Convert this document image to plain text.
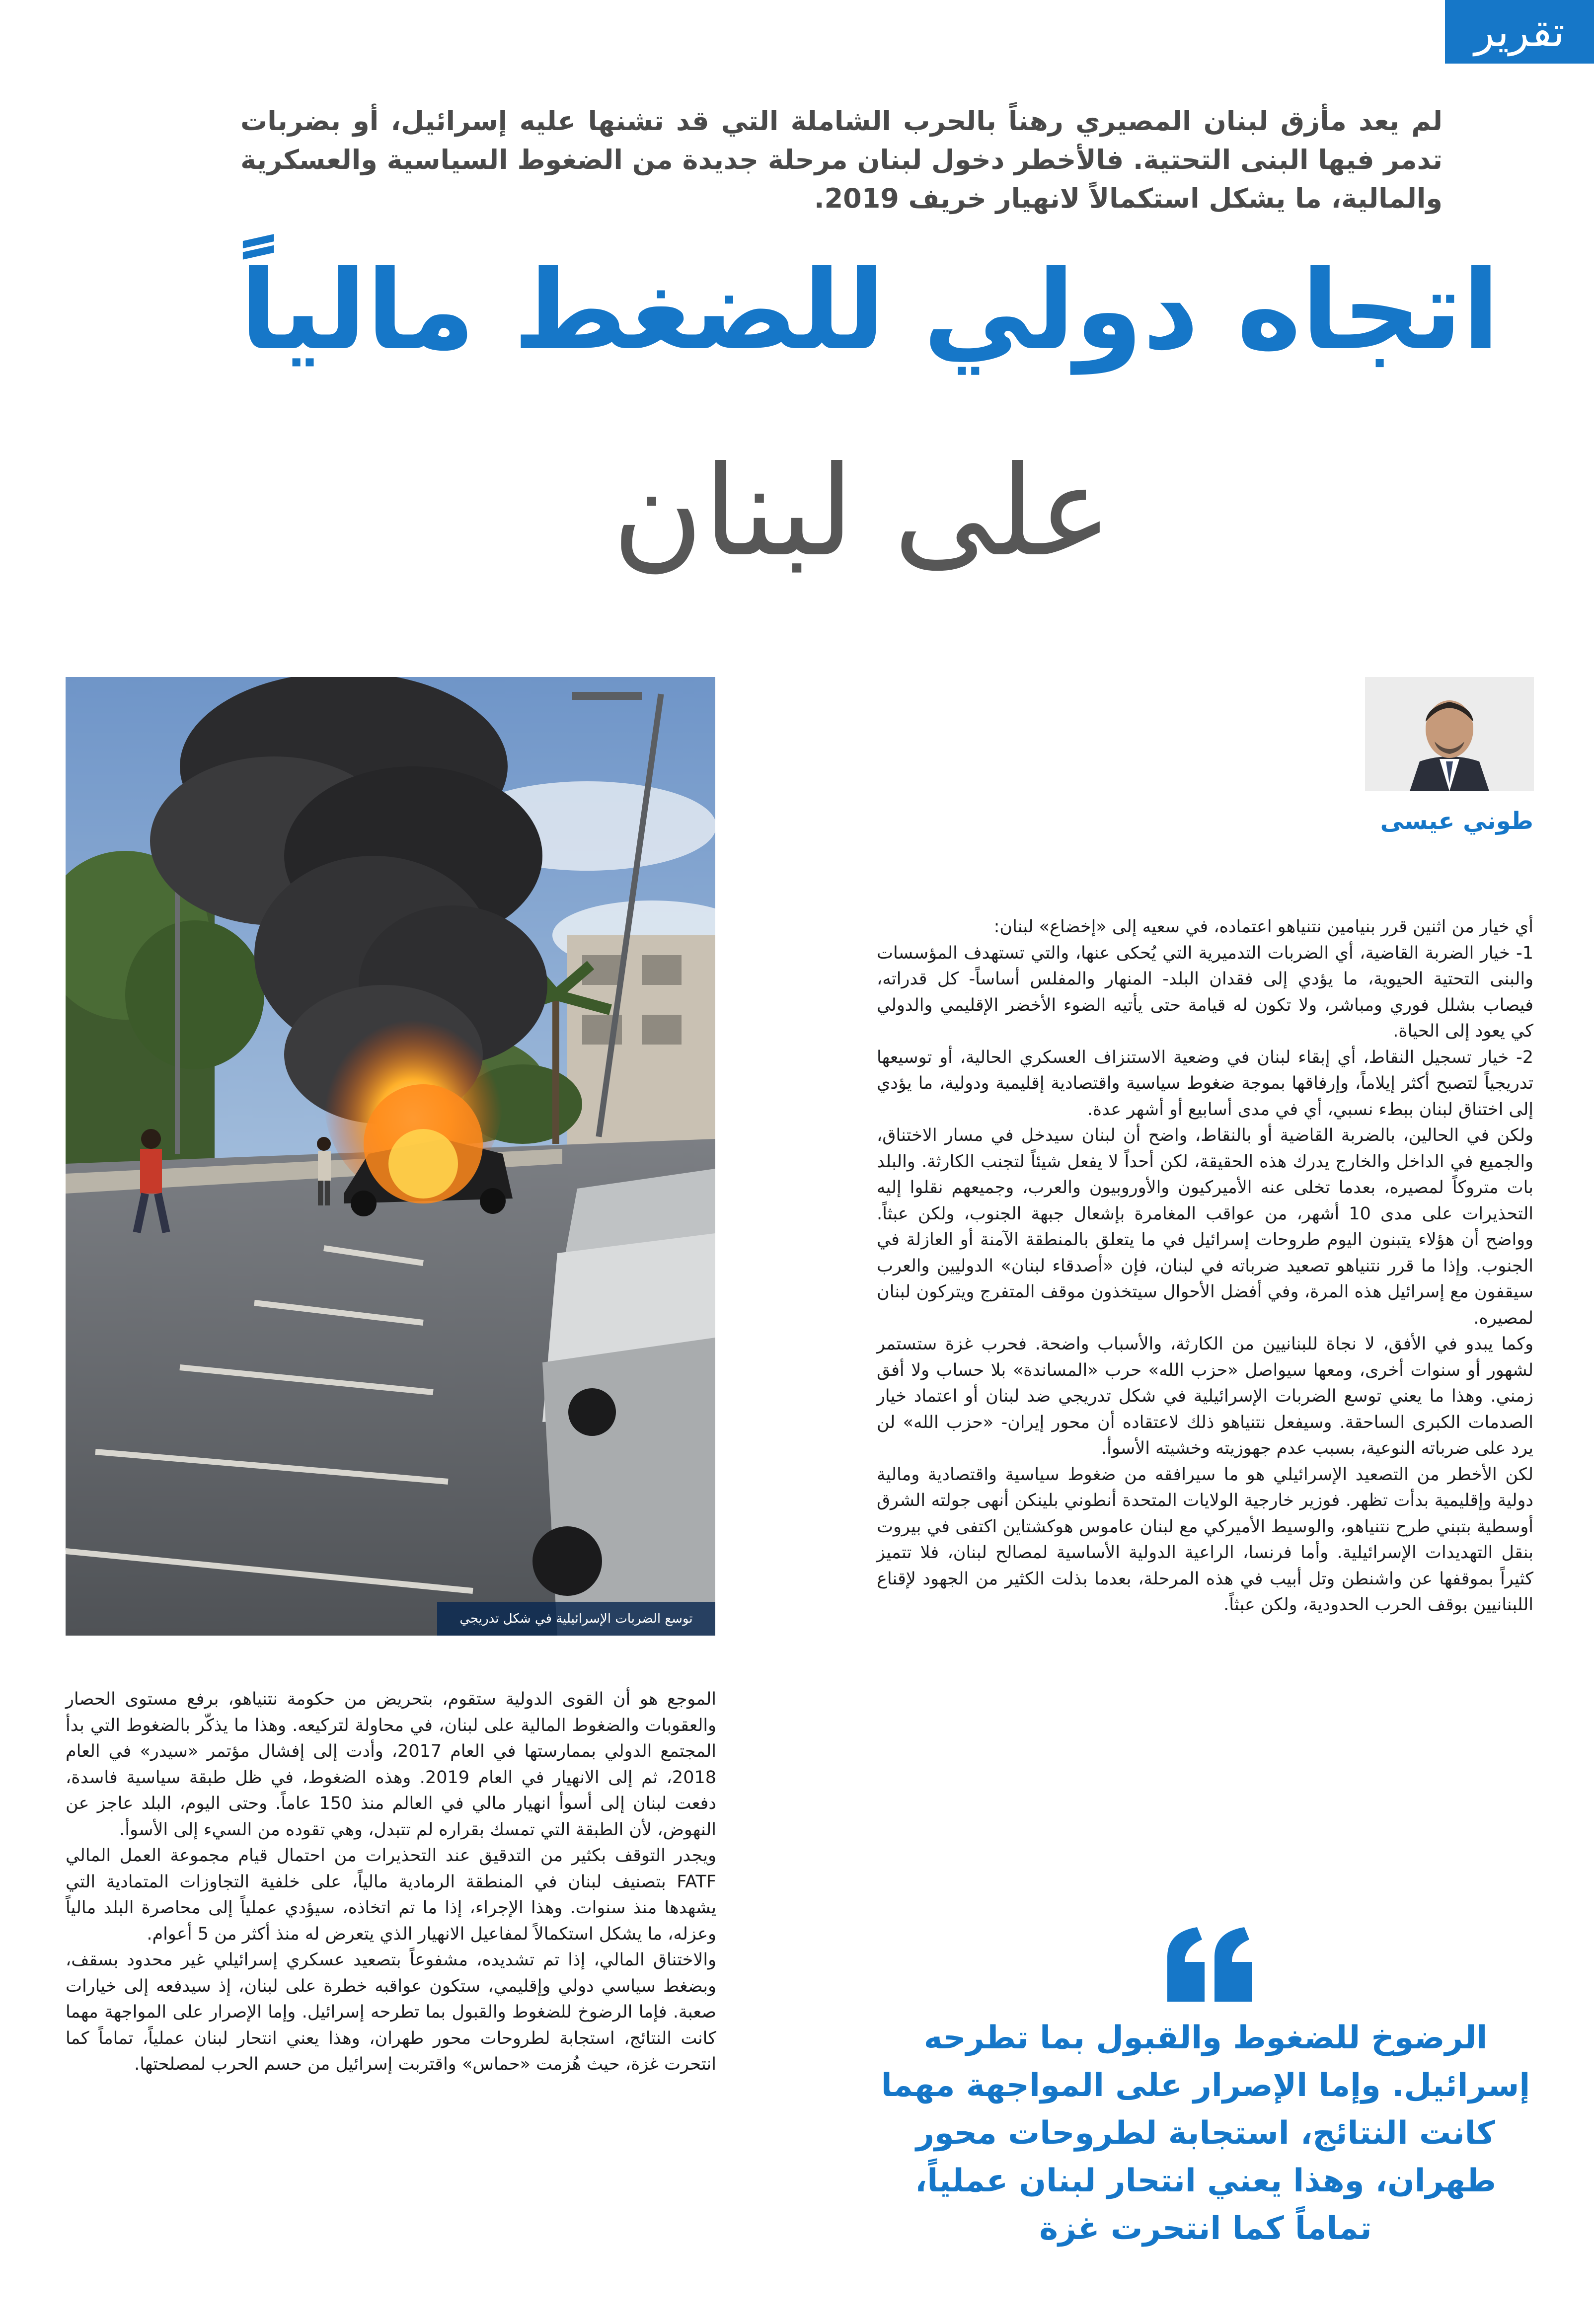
تقرير
لم يعد مأزق لبنان المصيري رهناً بالحرب الشاملة التي قد تشنها عليه إسرائيل، أو بضربات تدمر فيها البنى التحتية. فالأخطر دخول لبنان مرحلة جديدة من الضغوط السياسية والعسكرية والمالية، ما يشكل استكمالاً لانهيار خريف 2019.
اتجاه دولي للضغط مالياً
على لبنان
توسع الضربات الإسرائيلية في شكل تدريجي
طوني عيسى

أي خيار من اثنين قرر بنيامين نتنياهو اعتماده، في سعيه إلى «إخضاع» لبنان:

1- خيار الضربة القاضية، أي الضربات التدميرية التي يُحكى عنها، والتي تستهدف المؤسسات والبنى التحتية الحيوية، ما يؤدي إلى فقدان البلد- المنهار والمفلس أساساً- كل قدراته، فيصاب بشلل فوري ومباشر، ولا تكون له قيامة حتى يأتيه الضوء الأخضر الإقليمي والدولي كي يعود إلى الحياة.

2- خيار تسجيل النقاط، أي إبقاء لبنان في وضعية الاستنزاف العسكري الحالية، أو توسيعها تدريجياً لتصبح أكثر إيلاماً، وإرفاقها بموجة ضغوط سياسية واقتصادية إقليمية ودولية، ما يؤدي إلى اختناق لبنان ببطء نسبي، أي في مدى أسابيع أو أشهر عدة.

ولكن في الحالين، بالضربة القاضية أو بالنقاط، واضح أن لبنان سيدخل في مسار الاختناق، والجميع في الداخل والخارج يدرك هذه الحقيقة، لكن أحداً لا يفعل شيئاً لتجنب الكارثة. والبلد بات متروكاً لمصيره، بعدما تخلى عنه الأميركيون والأوروبيون والعرب، وجميعهم نقلوا إليه التحذيرات على مدى 10 أشهر، من عواقب المغامرة بإشعال جبهة الجنوب، ولكن عبثاً. وواضح أن هؤلاء يتبنون اليوم طروحات إسرائيل في ما يتعلق بالمنطقة الآمنة أو العازلة في الجنوب. وإذا ما قرر نتنياهو تصعيد ضرباته في لبنان، فإن «أصدقاء لبنان» الدوليين والعرب سيقفون مع إسرائيل هذه المرة، وفي أفضل الأحوال سيتخذون موقف المتفرج ويتركون لبنان لمصيره.

وكما يبدو في الأفق، لا نجاة للبنانيين من الكارثة، والأسباب واضحة. فحرب غزة ستستمر لشهور أو سنوات أخرى، ومعها سيواصل «حزب الله» حرب «المساندة» بلا حساب ولا أفق زمني. وهذا ما يعني توسع الضربات الإسرائيلية في شكل تدريجي ضد لبنان أو اعتماد خيار الصدمات الكبرى الساحقة. وسيفعل نتنياهو ذلك لاعتقاده أن محور إيران- «حزب الله» لن يرد على ضرباته النوعية، بسبب عدم جهوزيته وخشيته الأسوأ.

لكن الأخطر من التصعيد الإسرائيلي هو ما سيرافقه من ضغوط سياسية واقتصادية ومالية دولية وإقليمية بدأت تظهر. فوزير خارجية الولايات المتحدة أنطوني بلينكن أنهى جولته الشرق أوسطية بتبني طرح نتنياهو، والوسيط الأميركي مع لبنان عاموس هوكشتاين اكتفى في بيروت بنقل التهديدات الإسرائيلية. وأما فرنسا، الراعية الدولية الأساسية لمصالح لبنان، فلا تتميز كثيراً بموقفها عن واشنطن وتل أبيب في هذه المرحلة، بعدما بذلت الكثير من الجهود لإقناع اللبنانيين بوقف الحرب الحدودية، ولكن عبثاً.

الموجع هو أن القوى الدولية ستقوم، بتحريض من حكومة نتنياهو، برفع مستوى الحصار والعقوبات والضغوط المالية على لبنان، في محاولة لتركيعه. وهذا ما يذكّر بالضغوط التي بدأ المجتمع الدولي بممارستها في العام 2017، وأدت إلى إفشال مؤتمر «سيدر» في العام 2018، ثم إلى الانهيار في العام 2019. وهذه الضغوط، في ظل طبقة سياسية فاسدة، دفعت لبنان إلى أسوأ انهيار مالي في العالم منذ 150 عاماً. وحتى اليوم، البلد عاجز عن النهوض، لأن الطبقة التي تمسك بقراره لم تتبدل، وهي تقوده من السيء إلى الأسوأ.

ويجدر التوقف بكثير من التدقيق عند التحذيرات من احتمال قيام مجموعة العمل المالي FATF بتصنيف لبنان في المنطقة الرمادية مالياً، على خلفية التجاوزات المتمادية التي يشهدها منذ سنوات. وهذا الإجراء، إذا ما تم اتخاذه، سيؤدي عملياً إلى محاصرة البلد مالياً وعزله، ما يشكل استكمالاً لمفاعيل الانهيار الذي يتعرض له منذ أكثر من 5 أعوام.

والاختناق المالي، إذا تم تشديده، مشفوعاً بتصعيد عسكري إسرائيلي غير محدود بسقف، وبضغط سياسي دولي وإقليمي، ستكون عواقبه خطرة على لبنان، إذ سيدفعه إلى خيارات صعبة. فإما الرضوخ للضغوط والقبول بما تطرحه إسرائيل. وإما الإصرار على المواجهة مهما كانت النتائج، استجابة لطروحات محور طهران، وهذا يعني انتحار لبنان عملياً، تماماً كما انتحرت غزة، حيث هُزمت «حماس» واقتربت إسرائيل من حسم الحرب لمصلحتها.

الرضوخ للضغوط والقبول بما تطرحه إسرائيل. وإما الإصرار على المواجهة مهما كانت النتائج، استجابة لطروحات محور طهران، وهذا يعني انتحار لبنان عملياً، تماماً كما انتحرت غزة
